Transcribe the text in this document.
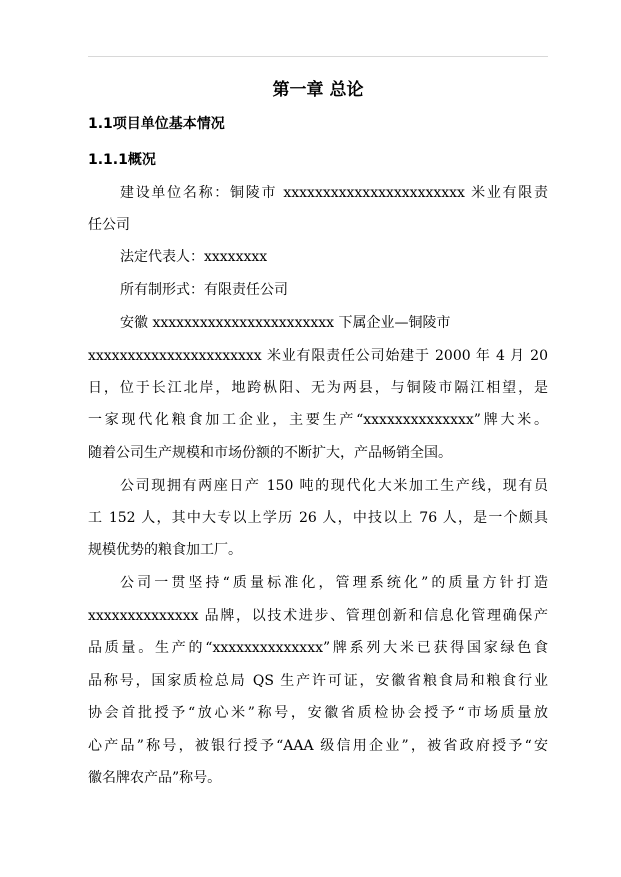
第一章 总论
1.1项目单位基本情况
1.1.1概况
建设单位名称：铜陵市 xxxxxxxxxxxxxxxxxxxxxxx 米业有限责
任公司
法定代表人：xxxxxxxx
所有制形式：有限责任公司
安徽 xxxxxxxxxxxxxxxxxxxxxxx 下属企业—铜陵市
xxxxxxxxxxxxxxxxxxxxxx 米业有限责任公司始建于 2000 年 4 月 20
日，位于长江北岸，地跨枞阳、无为两县，与铜陵市隔江相望，是
一家现代化粮食加工企业，主要生产“xxxxxxxxxxxxxx”牌大米。
随着公司生产规模和市场份额的不断扩大，产品畅销全国。
公司现拥有两座日产 150 吨的现代化大米加工生产线，现有员
工 152 人，其中大专以上学历 26 人，中技以上 76 人，是一个颇具
规模优势的粮食加工厂。
公司一贯坚持“质量标准化，管理系统化”的质量方针打造
xxxxxxxxxxxxxx 品牌，以技术进步、管理创新和信息化管理确保产
品质量。生产的“xxxxxxxxxxxxxx”牌系列大米已获得国家绿色食
品称号，国家质检总局 QS 生产许可证，安徽省粮食局和粮食行业
协会首批授予“放心米”称号，安徽省质检协会授予“市场质量放
心产品”称号，被银行授予“AAA 级信用企业”，被省政府授予“安
徽名牌农产品”称号。
